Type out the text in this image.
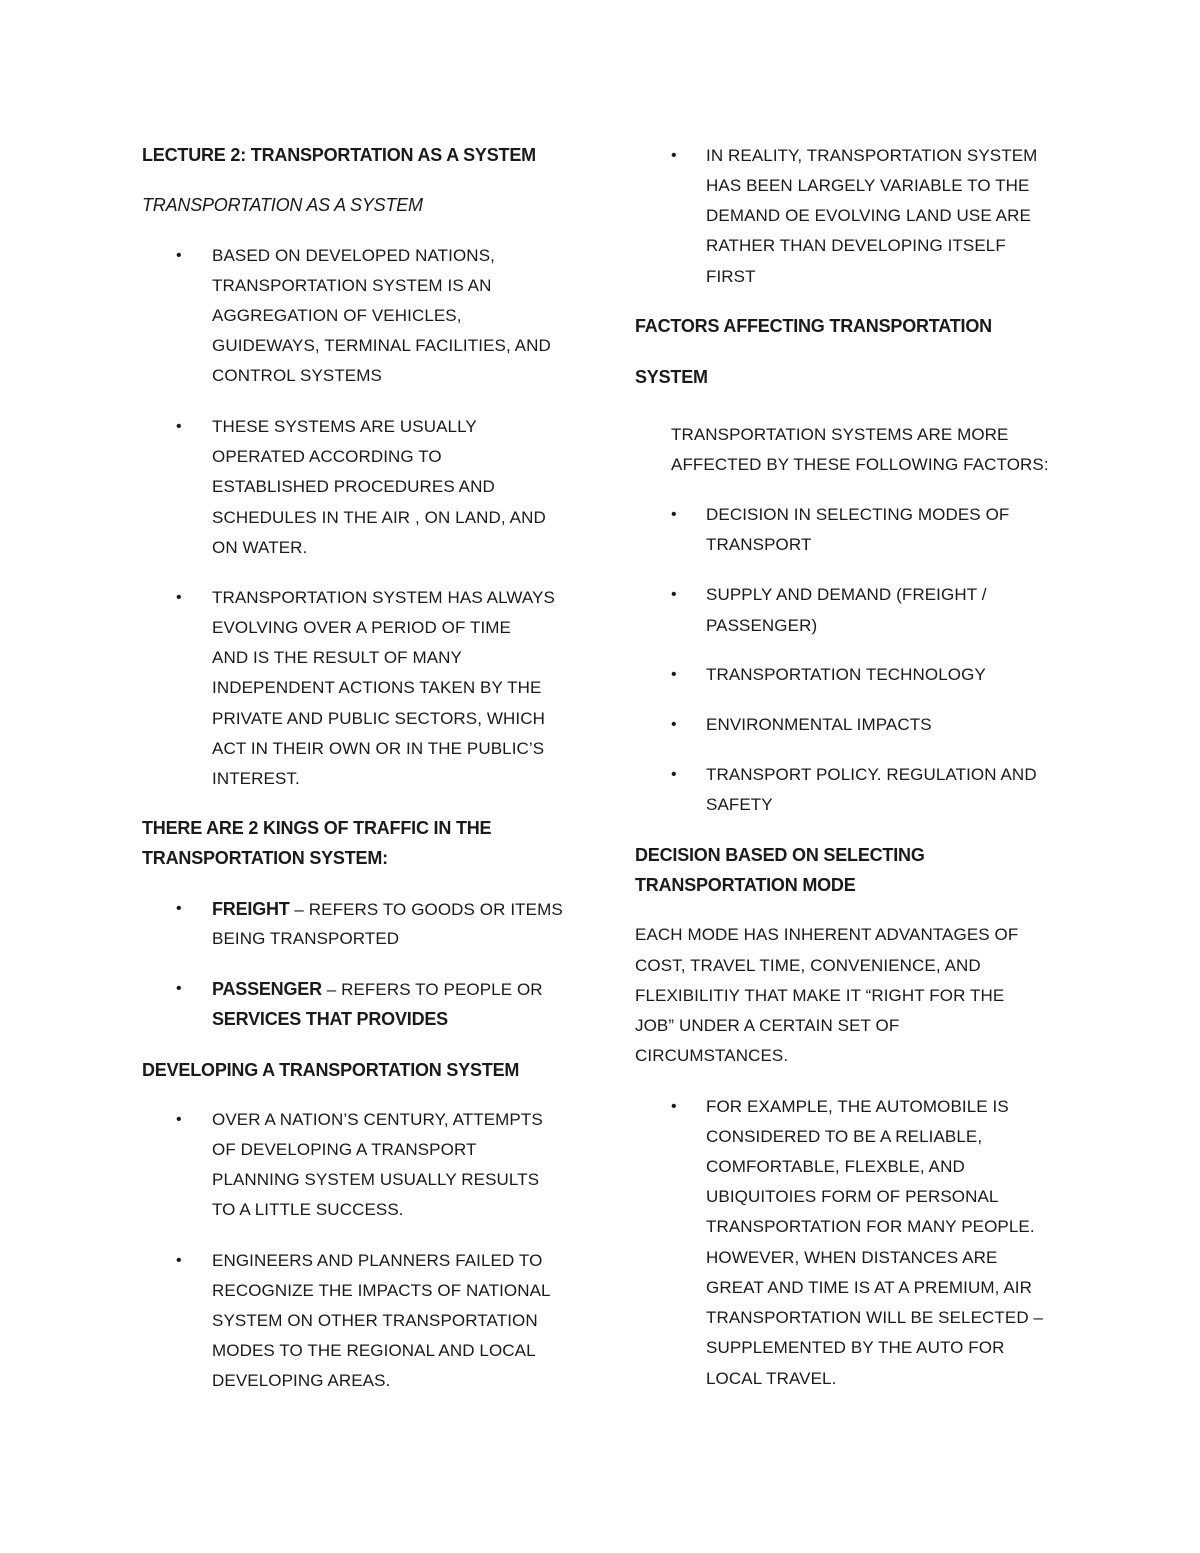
LECTURE 2: TRANSPORTATION AS A SYSTEM
TRANSPORTATION AS A SYSTEM
• BASED ON DEVELOPED NATIONS,
TRANSPORTATION SYSTEM IS AN
AGGREGATION OF VEHICLES,
GUIDEWAYS, TERMINAL FACILITIES, AND
CONTROL SYSTEMS
• THESE SYSTEMS ARE USUALLY
OPERATED ACCORDING TO
ESTABLISHED PROCEDURES AND
SCHEDULES IN THE AIR , ON LAND, AND
ON WATER.
• TRANSPORTATION SYSTEM HAS ALWAYS
EVOLVING OVER A PERIOD OF TIME
AND IS THE RESULT OF MANY
INDEPENDENT ACTIONS TAKEN BY THE
PRIVATE AND PUBLIC SECTORS, WHICH
ACT IN THEIR OWN OR IN THE PUBLIC’S
INTEREST.
THERE ARE 2 KINGS OF TRAFFIC IN THE
TRANSPORTATION SYSTEM:
• FREIGHT – REFERS TO GOODS OR ITEMS
BEING TRANSPORTED
• PASSENGER – REFERS TO PEOPLE OR
SERVICES THAT PROVIDES
DEVELOPING A TRANSPORTATION SYSTEM
• OVER A NATION’S CENTURY, ATTEMPTS
OF DEVELOPING A TRANSPORT
PLANNING SYSTEM USUALLY RESULTS
TO A LITTLE SUCCESS.
• ENGINEERS AND PLANNERS FAILED TO
RECOGNIZE THE IMPACTS OF NATIONAL
SYSTEM ON OTHER TRANSPORTATION
MODES TO THE REGIONAL AND LOCAL
DEVELOPING AREAS.
• IN REALITY, TRANSPORTATION SYSTEM
HAS BEEN LARGELY VARIABLE TO THE
DEMAND OE EVOLVING LAND USE ARE
RATHER THAN DEVELOPING ITSELF
FIRST
FACTORS AFFECTING TRANSPORTATION
SYSTEM
TRANSPORTATION SYSTEMS ARE MORE
AFFECTED BY THESE FOLLOWING FACTORS:
• DECISION IN SELECTING MODES OF
TRANSPORT
• SUPPLY AND DEMAND (FREIGHT /
PASSENGER)
• TRANSPORTATION TECHNOLOGY
• ENVIRONMENTAL IMPACTS
• TRANSPORT POLICY. REGULATION AND
SAFETY
DECISION BASED ON SELECTING
TRANSPORTATION MODE
EACH MODE HAS INHERENT ADVANTAGES OF
COST, TRAVEL TIME, CONVENIENCE, AND
FLEXIBILITIY THAT MAKE IT “RIGHT FOR THE
JOB” UNDER A CERTAIN SET OF
CIRCUMSTANCES.
• FOR EXAMPLE, THE AUTOMOBILE IS
CONSIDERED TO BE A RELIABLE,
COMFORTABLE, FLEXBLE, AND
UBIQUITOIES FORM OF PERSONAL
TRANSPORTATION FOR MANY PEOPLE.
HOWEVER, WHEN DISTANCES ARE
GREAT AND TIME IS AT A PREMIUM, AIR
TRANSPORTATION WILL BE SELECTED –
SUPPLEMENTED BY THE AUTO FOR
LOCAL TRAVEL.
